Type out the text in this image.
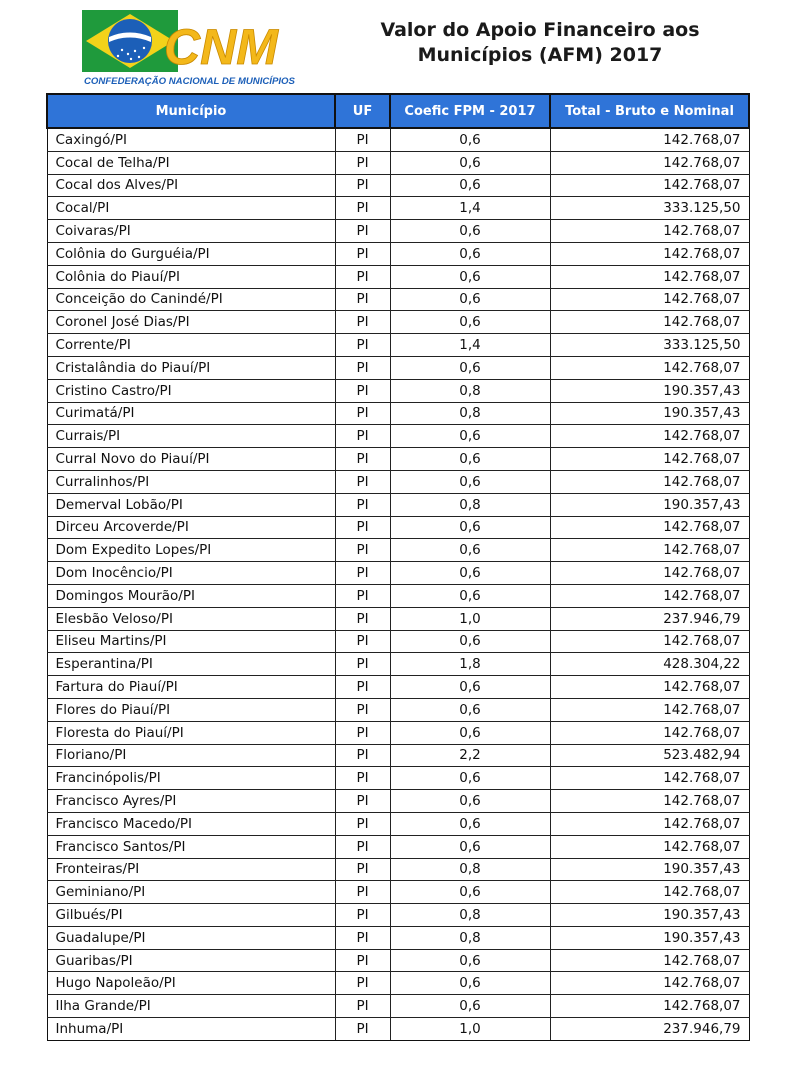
CNM
CONFEDERAÇÃO NACIONAL DE MUNICÍPIOS
Valor do Apoio Financeiro aos
Municípios (AFM) 2017
Município	UF	Coefic FPM - 2017	Total - Bruto e Nominal
Caxingó/PI	PI	0,6	142.768,07
Cocal de Telha/PI	PI	0,6	142.768,07
Cocal dos Alves/PI	PI	0,6	142.768,07
Cocal/PI	PI	1,4	333.125,50
Coivaras/PI	PI	0,6	142.768,07
Colônia do Gurguéia/PI	PI	0,6	142.768,07
Colônia do Piauí/PI	PI	0,6	142.768,07
Conceição do Canindé/PI	PI	0,6	142.768,07
Coronel José Dias/PI	PI	0,6	142.768,07
Corrente/PI	PI	1,4	333.125,50
Cristalândia do Piauí/PI	PI	0,6	142.768,07
Cristino Castro/PI	PI	0,8	190.357,43
Curimatá/PI	PI	0,8	190.357,43
Currais/PI	PI	0,6	142.768,07
Curral Novo do Piauí/PI	PI	0,6	142.768,07
Curralinhos/PI	PI	0,6	142.768,07
Demerval Lobão/PI	PI	0,8	190.357,43
Dirceu Arcoverde/PI	PI	0,6	142.768,07
Dom Expedito Lopes/PI	PI	0,6	142.768,07
Dom Inocêncio/PI	PI	0,6	142.768,07
Domingos Mourão/PI	PI	0,6	142.768,07
Elesbão Veloso/PI	PI	1,0	237.946,79
Eliseu Martins/PI	PI	0,6	142.768,07
Esperantina/PI	PI	1,8	428.304,22
Fartura do Piauí/PI	PI	0,6	142.768,07
Flores do Piauí/PI	PI	0,6	142.768,07
Floresta do Piauí/PI	PI	0,6	142.768,07
Floriano/PI	PI	2,2	523.482,94
Francinópolis/PI	PI	0,6	142.768,07
Francisco Ayres/PI	PI	0,6	142.768,07
Francisco Macedo/PI	PI	0,6	142.768,07
Francisco Santos/PI	PI	0,6	142.768,07
Fronteiras/PI	PI	0,8	190.357,43
Geminiano/PI	PI	0,6	142.768,07
Gilbués/PI	PI	0,8	190.357,43
Guadalupe/PI	PI	0,8	190.357,43
Guaribas/PI	PI	0,6	142.768,07
Hugo Napoleão/PI	PI	0,6	142.768,07
Ilha Grande/PI	PI	0,6	142.768,07
Inhuma/PI	PI	1,0	237.946,79
